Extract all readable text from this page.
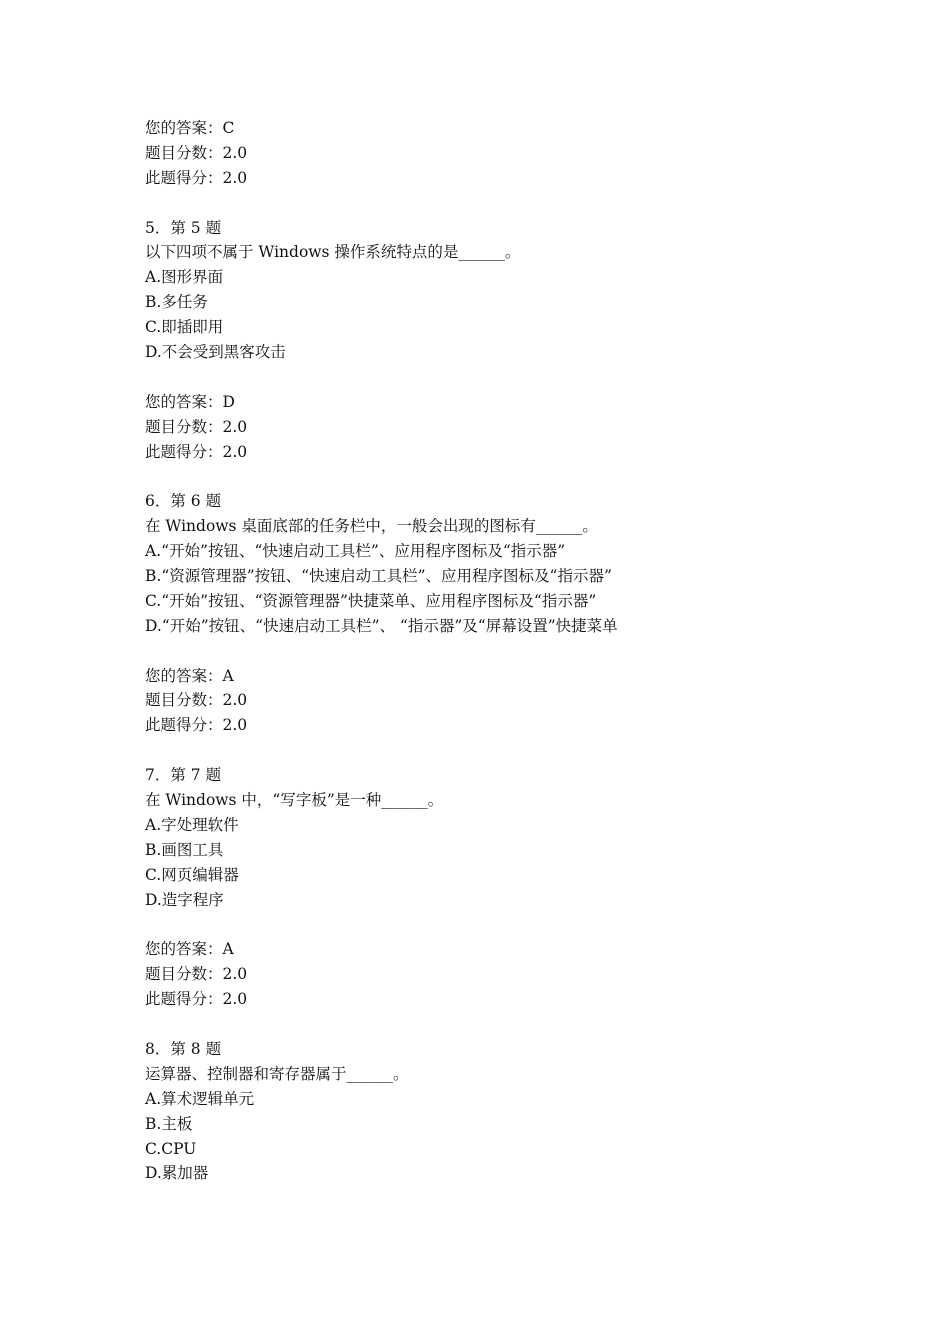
您的答案：C
题目分数：2.0
此题得分：2.0
5．第 5 题
以下四项不属于 Windows 操作系统特点的是______。
A.图形界面
B.多任务
C.即插即用
D.不会受到黑客攻击
您的答案：D
题目分数：2.0
此题得分：2.0
6．第 6 题
在 Windows 桌面底部的任务栏中，一般会出现的图标有______。
A.“开始”按钮、“快速启动工具栏”、应用程序图标及“指示器”
B.“资源管理器”按钮、“快速启动工具栏”、应用程序图标及“指示器”
C.“开始”按钮、“资源管理器”快捷菜单、应用程序图标及“指示器”
D.“开始”按钮、“快速启动工具栏”、 “指示器”及“屏幕设置”快捷菜单
您的答案：A
题目分数：2.0
此题得分：2.0
7．第 7 题
在 Windows 中，“写字板”是一种______。
A.字处理软件
B.画图工具
C.网页编辑器
D.造字程序
您的答案：A
题目分数：2.0
此题得分：2.0
8．第 8 题
运算器、控制器和寄存器属于______。
A.算术逻辑单元
B.主板
C.CPU
D.累加器
